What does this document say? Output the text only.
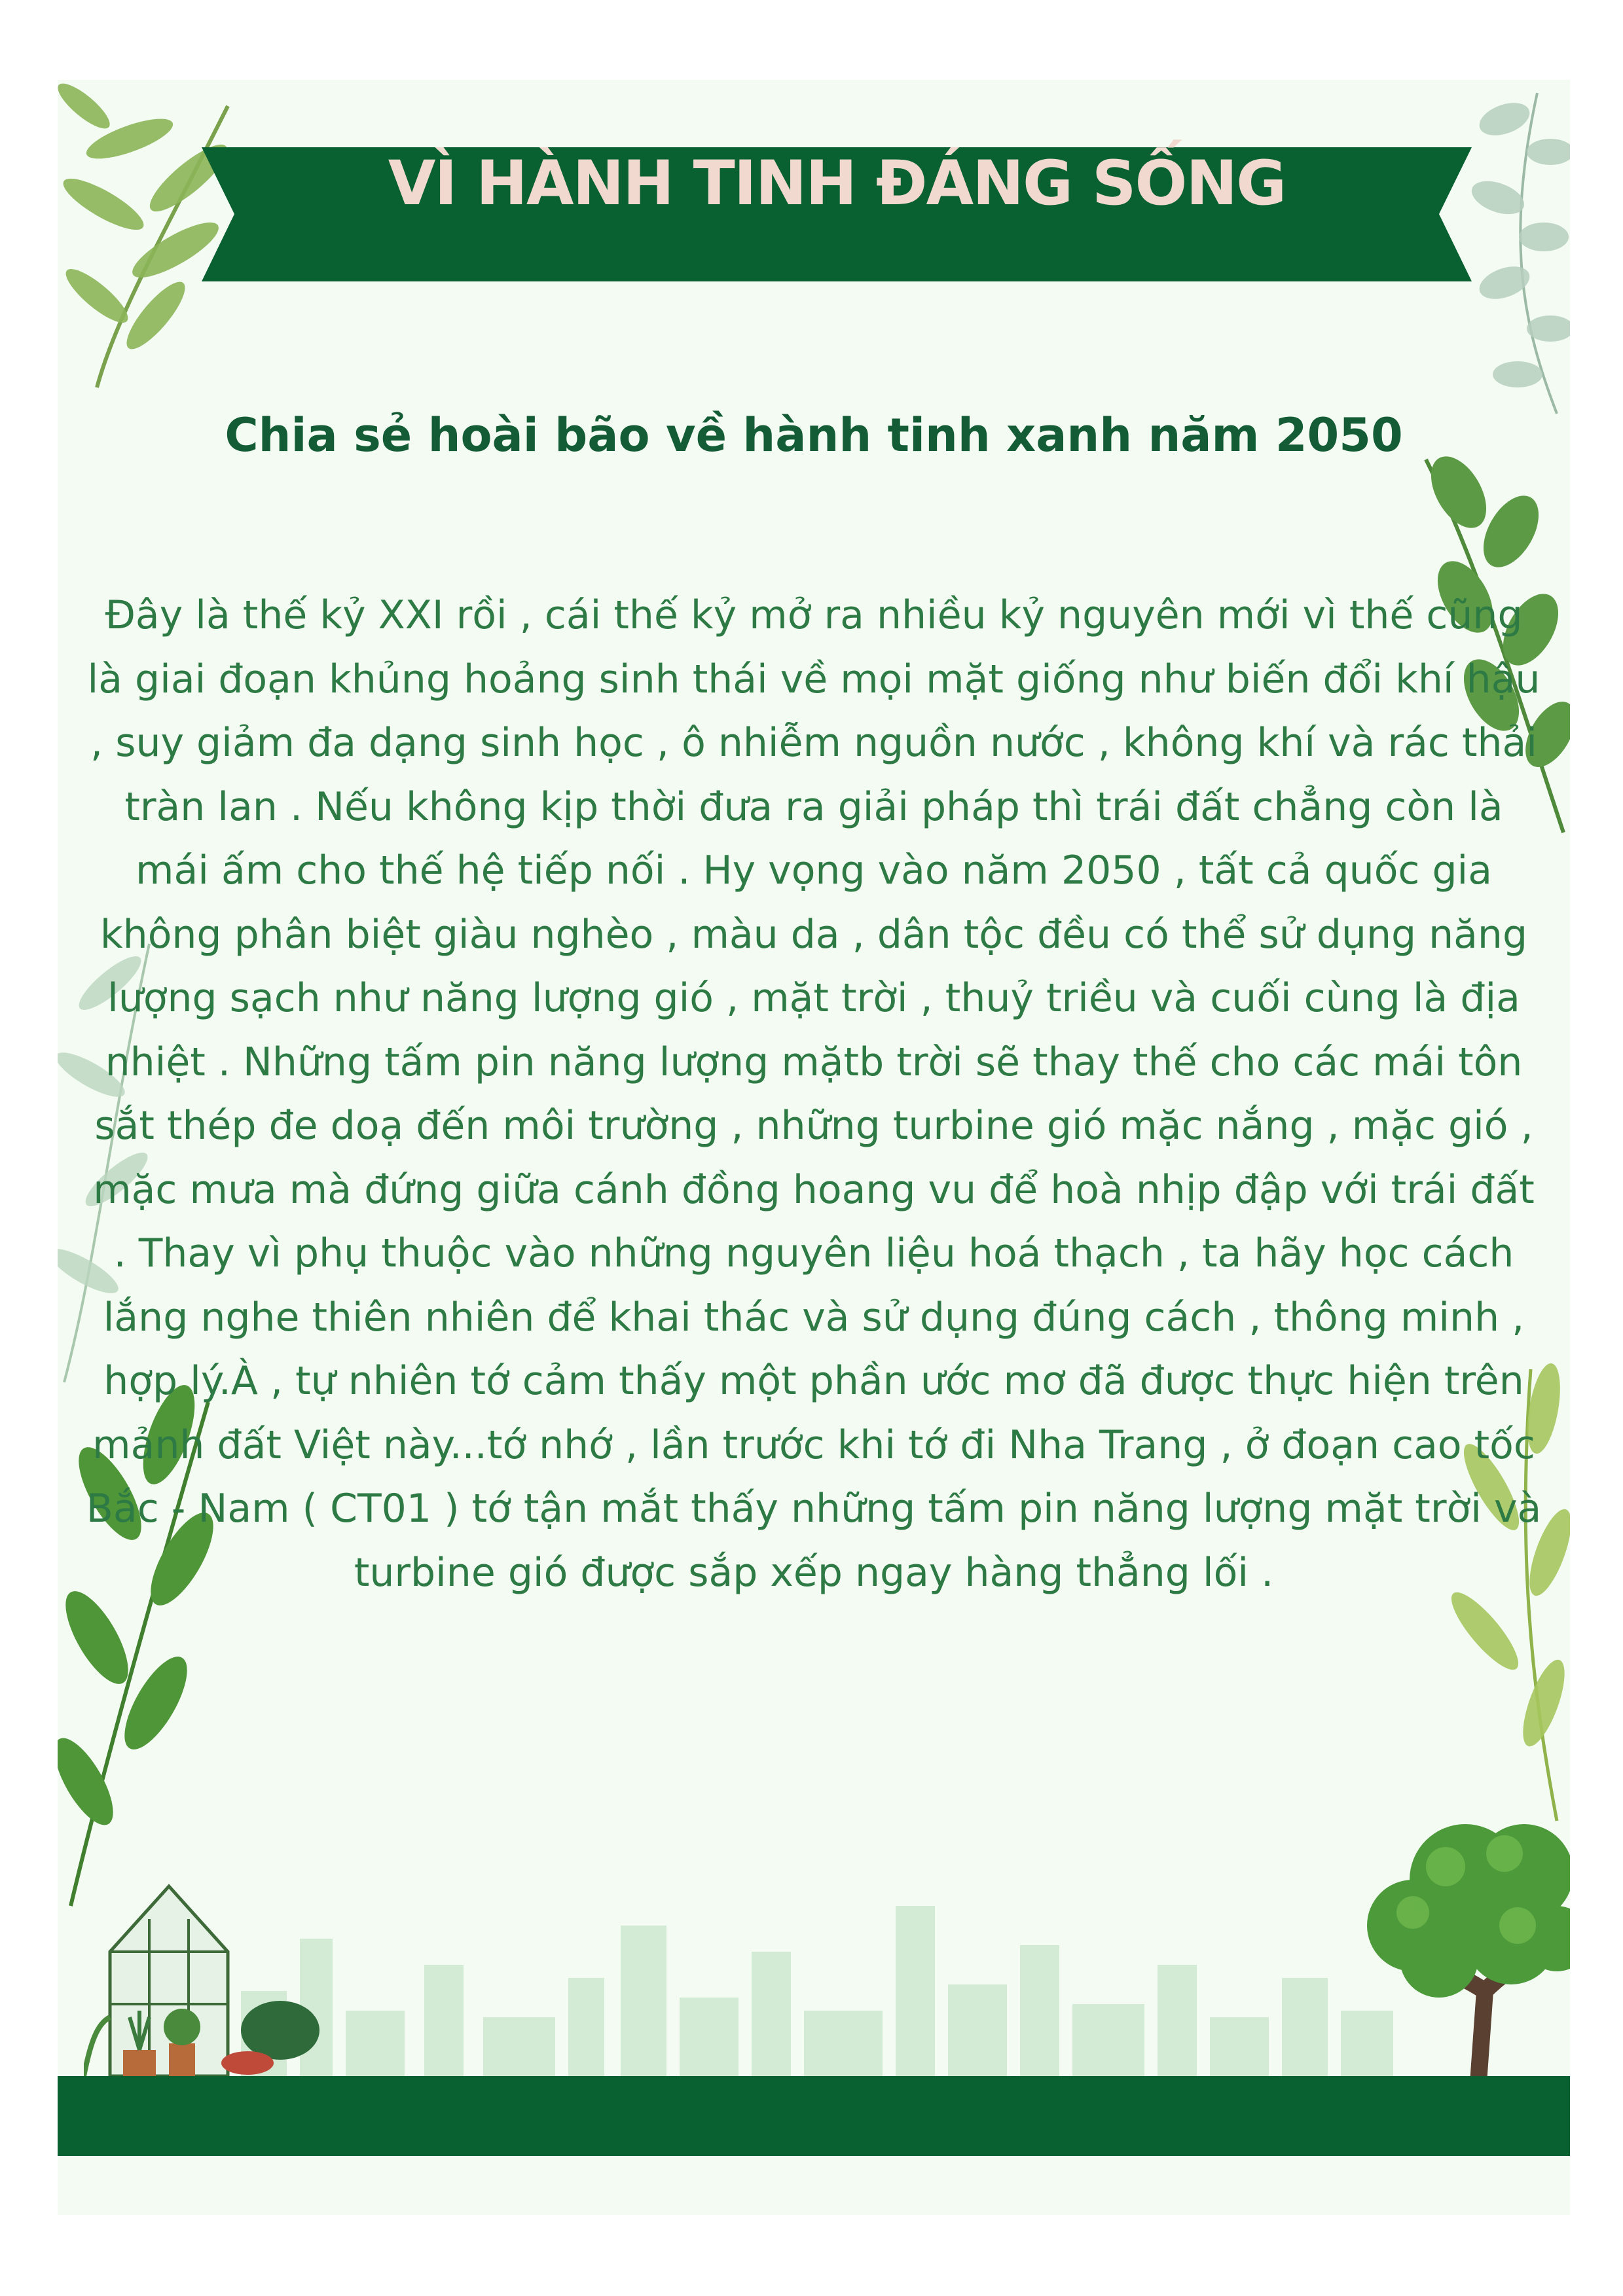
VÌ HÀNH TINH ĐÁNG SỐNG
Chia sẻ hoài bão về hành tinh xanh năm 2050

Đây là thế kỷ XXI rồi , cái thế kỷ mở ra nhiều kỷ nguyên mới vì thế cũng là giai đoạn khủng hoảng sinh thái về mọi mặt giống như biến đổi khí hậu , suy giảm đa dạng sinh học , ô nhiễm nguồn nước , không khí và rác thải tràn lan . Nếu không kịp thời đưa ra giải pháp thì trái đất chẳng còn là mái ấm cho thế hệ tiếp nối . Hy vọng vào năm 2050 , tất cả quốc gia không phân biệt giàu nghèo , màu da , dân tộc đều có thể sử dụng năng lượng sạch như năng lượng gió , mặt trời , thuỷ triều và cuối cùng là địa nhiệt . Những tấm pin năng lượng mặtb trời sẽ thay thế cho các mái tôn sắt thép đe doạ đến môi trường , những turbine gió mặc nắng , mặc gió , mặc mưa mà đứng giữa cánh đồng hoang vu để hoà nhịp đập với trái đất . Thay vì phụ thuộc vào những nguyên liệu hoá thạch , ta hãy học cách lắng nghe thiên nhiên để khai thác và sử dụng đúng cách , thông minh , hợp lý.À , tự nhiên tớ cảm thấy một phần ước mơ đã được thực hiện trên mảnh đất Việt này...tớ nhớ , lần trước khi tớ đi Nha Trang , ở đoạn cao tốc Bắc - Nam ( CT01 ) tớ tận mắt thấy những tấm pin năng lượng mặt trời và turbine gió được sắp xếp ngay hàng thẳng lối .
